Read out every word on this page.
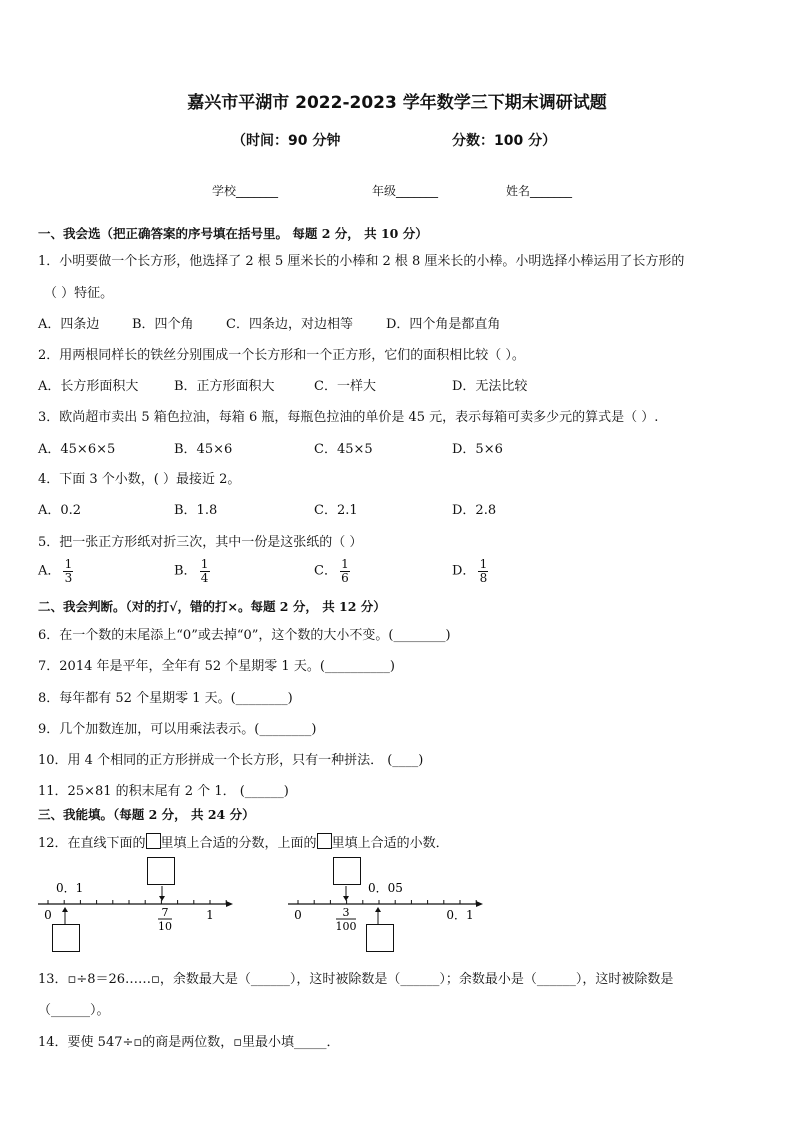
嘉兴市平湖市 2022-2023 学年数学三下期末调研试题
（时间：90 分钟	分数：100 分）
学校_______	年级_______	姓名_______
一、我会选（把正确答案的序号填在括号里。 每题 2 分， 共 10 分）
1．小明要做一个长方形，他选择了 2 根 5 厘米长的小棒和 2 根 8 厘米长的小棒。小明选择小棒运用了长方形的
（ ）特征。
A．四条边	B．四个角 C．四条边，对边相等	D．四个角是都直角
2．用两根同样长的铁丝分别围成一个长方形和一个正方形，它们的面积相比较（ ）。
A．长方形面积大	B．正方形面积大	C．一样大	D．无法比较
3．欧尚超市卖出 5 箱色拉油，每箱 6 瓶，每瓶色拉油的单价是 45 元，表示每箱可卖多少元的算式是（ ）.
A．45×6×5	B．45×6	C．45×5	D．5×6
4．下面 3 个小数，( ）最接近 2。
A．0.2	B．1.8	C．2.1	D．2.8
5．把一张正方形纸对折三次，其中一份是这张纸的（ ）
A． $\frac{1}{3}$	B． $\frac{1}{4}$	C． $\frac{1}{6}$	D． $\frac{1}{8}$
二、我会判断。（对的打√，错的打×。每题 2 分， 共 12 分）
6．在一个数的末尾添上“0”或去掉“0”，这个数的大小不变。(________)
7．2014 年是平年，全年有 52 个星期零 1 天。(__________)
8．每年都有 52 个星期零 1 天。(________)
9．几个加数连加，可以用乘法表示。(________)
10．用 4 个相同的正方形拼成一个长方形，只有一种拼法． (____)
11．25×81 的积末尾有 2 个 1． (______)
三、我能填。（每题 2 分， 共 24 分）
12．在直线下面的 里填上合适的分数，上面的 里填上合适的小数．
0．1
0	1
7
10
0．05
0	0．1
3
100
13．▫÷8＝26……▫，余数最大是（______），这时被除数是（______）；余数最小是（______），这时被除数是
（______）。
14．要使 547÷▫的商是两位数，▫里最小填_____．
